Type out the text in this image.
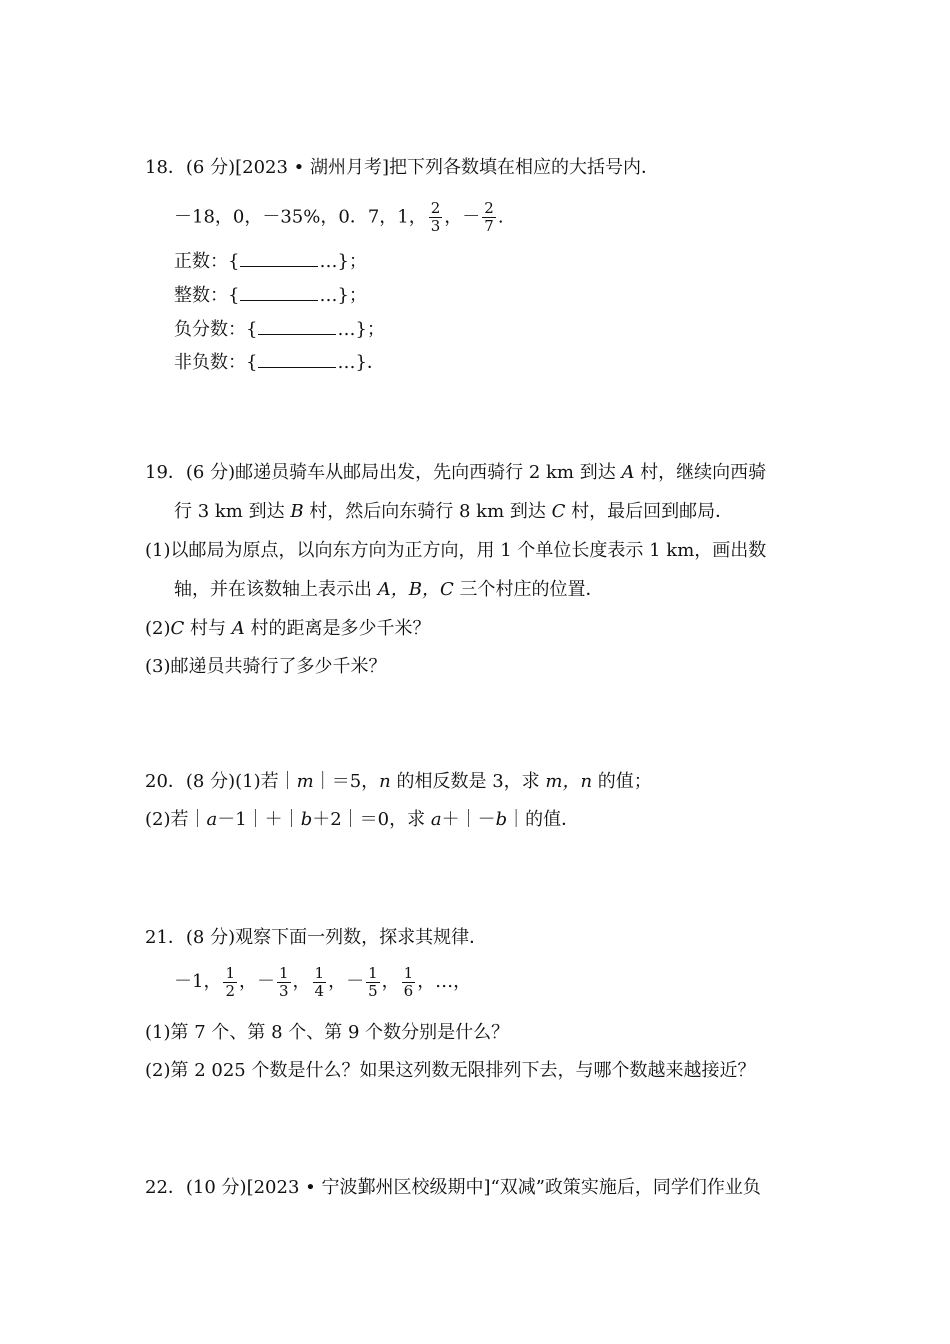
18．(6 分)[2023 • 湖州月考]把下列各数填在相应的大括号内．
－18，0，－35%，0．7，1， $\frac{2}{3}$ ，－ $\frac{2}{7}$ .
正数：{	…}；
整数：{	…}；
负分数：{	…}；
非负数：{	…}．
19．(6 分)邮递员骑车从邮局出发，先向西骑行 2 km 到达 A 村，继续向西骑
行 3 km 到达 B 村，然后向东骑行 8 km 到达 C 村，最后回到邮局．
(1)以邮局为原点，以向东方向为正方向，用 1 个单位长度表示 1 km，画出数
轴，并在该数轴上表示出 A，B，C 三个村庄的位置．
(2)C 村与 A 村的距离是多少千米？
(3)邮递员共骑行了多少千米？
20．(8 分)(1)若｜m｜＝5，n 的相反数是 3，求 m，n 的值；
(2)若｜a－1｜＋｜b＋2｜＝0，求 a＋｜－b｜的值．
21．(8 分)观察下面一列数，探求其规律．
－1， $\frac{1}{2}$ ，－ $\frac{1}{3}$ ， $\frac{1}{4}$ ，－ $\frac{1}{5}$ ， $\frac{1}{6}$ ，…，
(1)第 7 个、第 8 个、第 9 个数分别是什么？
(2)第 2 025 个数是什么？如果这列数无限排列下去，与哪个数越来越接近？
22．(10 分)[2023 • 宁波鄞州区校级期中]“双减”政策实施后，同学们作业负
